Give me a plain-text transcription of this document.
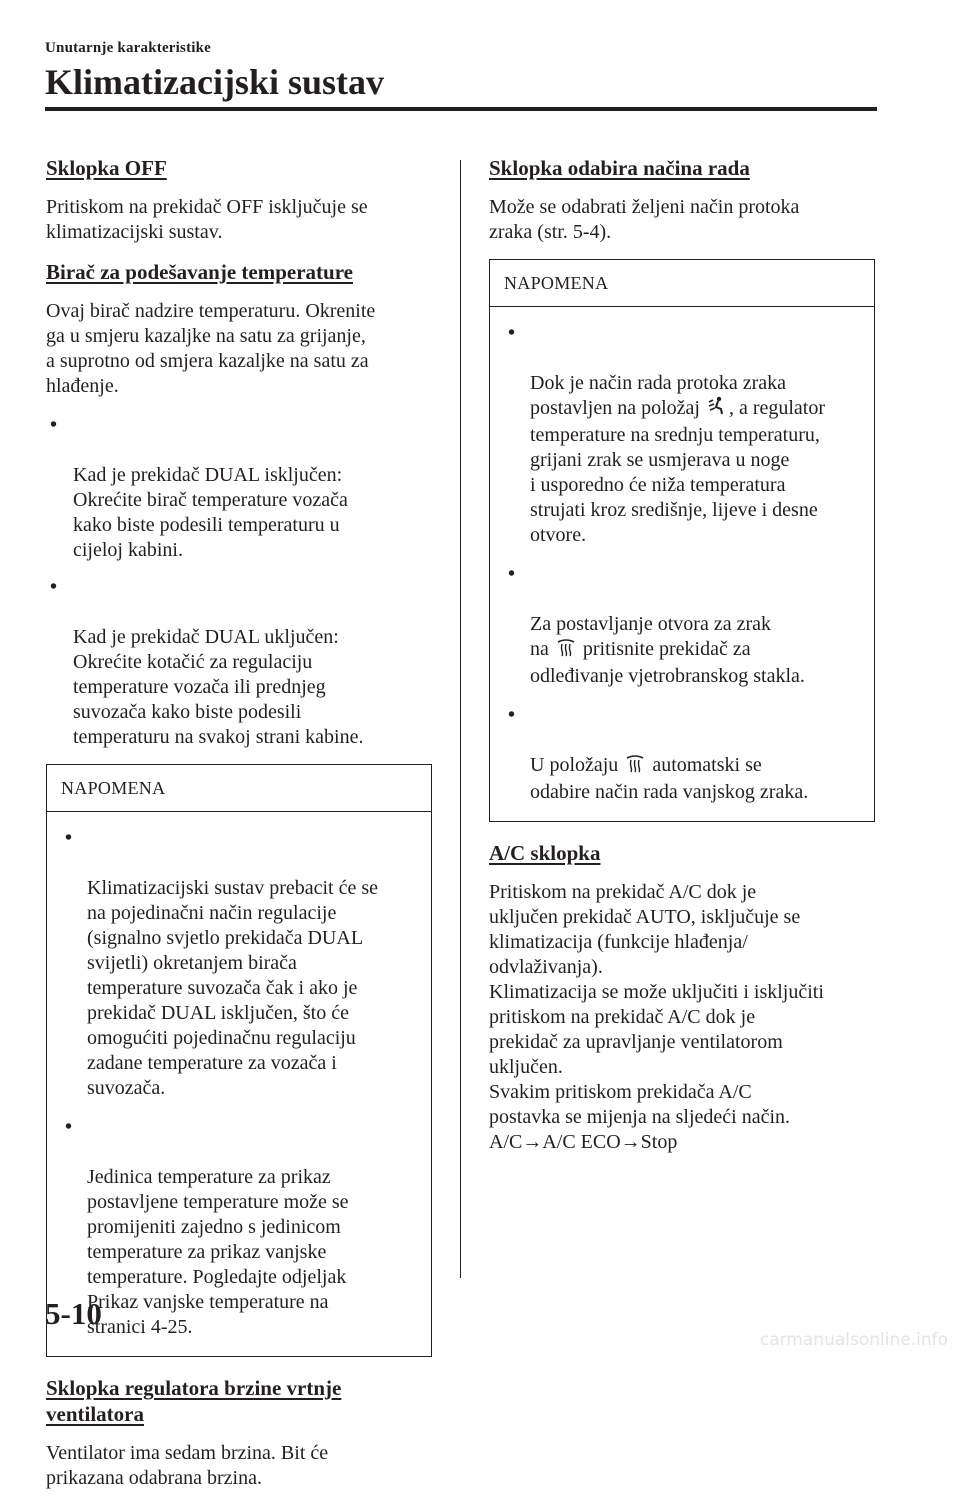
Unutarnje karakteristike
Klimatizacijski sustav
Sklopka OFF
Pritiskom na prekidač OFF isključuje se
klimatizacijski sustav.
Birač za podešavanje temperature
Ovaj birač nadzire temperaturu. Okrenite
ga u smjeru kazaljke na satu za grijanje,
a suprotno od smjera kazaljke na satu za
hlađenje.

•

Kad je prekidač DUAL isključen:
Okrećite birač temperature vozača
kako biste podesili temperaturu u
cijeloj kabini.

•

Kad je prekidač DUAL uključen:
Okrećite kotačić za regulaciju
temperature vozača ili prednjeg
suvozača kako biste podesili
temperaturu na svakoj strani kabine.

NAPOMENA

•

Klimatizacijski sustav prebacit će se
na pojedinačni način regulacije
(signalno svjetlo prekidača DUAL
svijetli) okretanjem birača
temperature suvozača čak i ako je
prekidač DUAL isključen, što će
omogućiti pojedinačnu regulaciju
zadane temperature za vozača i
suvozača.

•

Jedinica temperature za prikaz
postavljene temperature može se
promijeniti zajedno s jedinicom
temperature za prikaz vanjske
temperature. Pogledajte odjeljak
Prikaz vanjske temperature na
stranici 4-25.

Sklopka regulatora brzine vrtnje
ventilatora
Ventilator ima sedam brzina. Bit će
prikazana odabrana brzina.
Sklopka odabira načina rada
Može se odabrati željeni način protoka
zraka (str. 5-4).
NAPOMENA

•

Dok je način rada protoka zraka
postavljen na položaj , a regulator
temperature na srednju temperaturu,
grijani zrak se usmjerava u noge
i usporedno će niža temperatura
strujati kroz središnje, lijeve i desne
otvore.

•

Za postavljanje otvora za zrak
na  pritisnite prekidač za
odleđivanje vjetrobranskog stakla.

•

U položaju  automatski se
odabire način rada vanjskog zraka.

A/C sklopka
Pritiskom na prekidač A/C dok je
uključen prekidač AUTO, isključuje se
klimatizacija (funkcije hlađenja/
odvlaživanja).
Klimatizacija se može uključiti i isključiti
pritiskom na prekidač A/C dok je
prekidač za upravljanje ventilatorom
uključen.
Svakim pritiskom prekidača A/C
postavka se mijenja na sljedeći način.
A/C→A/C ECO→Stop
5-10
carmanualsonline.info
